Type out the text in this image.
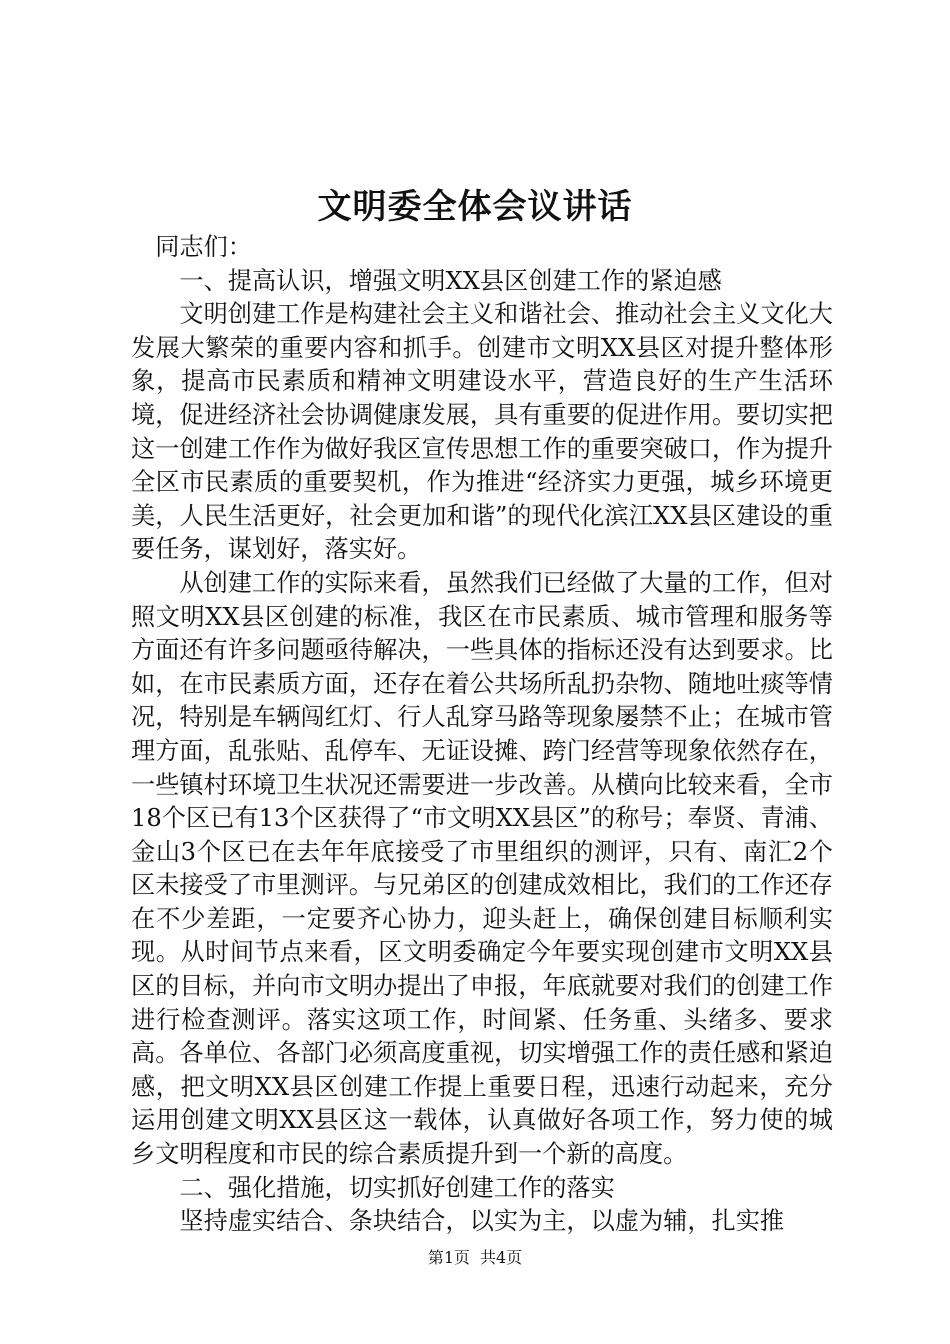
文明委全体会议讲话

同志们：

一、提高认识，增强文明XX县区创建工作的紧迫感

文明创建工作是构建社会主义和谐社会、推动社会主义文化大发展大繁荣的重要内容和抓手。创建市文明XX县区对提升整体形象，提高市民素质和精神文明建设水平，营造良好的生产生活环境，促进经济社会协调健康发展，具有重要的促进作用。要切实把这一创建工作作为做好我区宣传思想工作的重要突破口，作为提升全区市民素质的重要契机，作为推进“经济实力更强，城乡环境更美，人民生活更好，社会更加和谐”的现代化滨江XX县区建设的重要任务，谋划好，落实好。

从创建工作的实际来看，虽然我们已经做了大量的工作，但对照文明XX县区创建的标准，我区在市民素质、城市管理和服务等方面还有许多问题亟待解决，一些具体的指标还没有达到要求。比如，在市民素质方面，还存在着公共场所乱扔杂物、随地吐痰等情况，特别是车辆闯红灯、行人乱穿马路等现象屡禁不止；在城市管理方面，乱张贴、乱停车、无证设摊、跨门经营等现象依然存在，一些镇村环境卫生状况还需要进一步改善。从横向比较来看，全市18个区已有13个区获得了“市文明XX县区”的称号；奉贤、青浦、金山3个区已在去年年底接受了市里组织的测评，只有、南汇2个区未接受了市里测评。与兄弟区的创建成效相比，我们的工作还存在不少差距，一定要齐心协力，迎头赶上，确保创建目标顺利实现。从时间节点来看，区文明委确定今年要实现创建市文明XX县区的目标，并向市文明办提出了申报，年底就要对我们的创建工作进行检查测评。落实这项工作，时间紧、任务重、头绪多、要求高。各单位、各部门必须高度重视，切实增强工作的责任感和紧迫感，把文明XX县区创建工作提上重要日程，迅速行动起来，充分运用创建文明XX县区这一载体，认真做好各项工作，努力使的城乡文明程度和市民的综合素质提升到一个新的高度。

二、强化措施，切实抓好创建工作的落实

坚持虚实结合、条块结合，以实为主，以虚为辅，扎实推

第1页 共4页
